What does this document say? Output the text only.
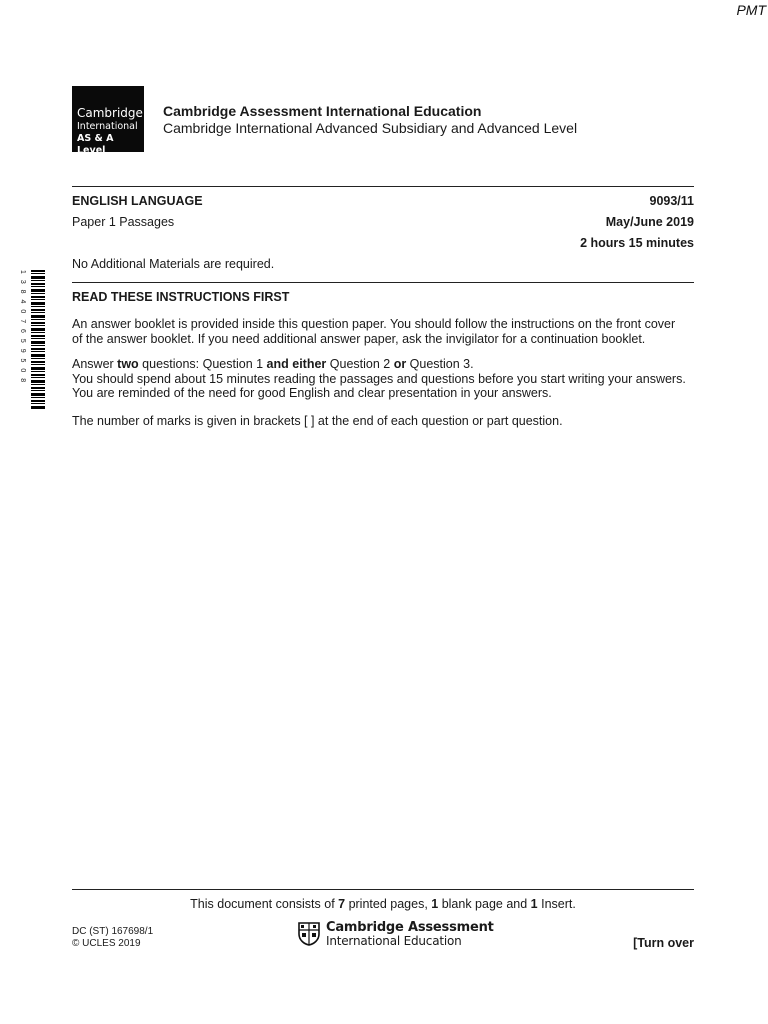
PMT
Cambridge
International
AS & A Level
Cambridge Assessment International Education
Cambridge International Advanced Subsidiary and Advanced Level
ENGLISH LANGUAGE	9093/11
Paper 1 Passages	May/June 2019
2 hours 15 minutes
No Additional Materials are required.
1 3 8 4 0 7 6 5 9 5 0 8	READ THESE INSTRUCTIONS FIRST
An answer booklet is provided inside this question paper. You should follow the instructions on the front cover
of the answer booklet. If you need additional answer paper, ask the invigilator for a continuation booklet.
Answer two questions: Question 1 and either Question 2 or Question 3.
You should spend about 15 minutes reading the passages and questions before you start writing your answers.
You are reminded of the need for good English and clear presentation in your answers.
The number of marks is given in brackets [ ] at the end of each question or part question.
This document consists of 7 printed pages, 1 blank page and 1 Insert.
DC (ST) 167698/1
© UCLES 2019
Cambridge Assessment
International Education	[Turn over
